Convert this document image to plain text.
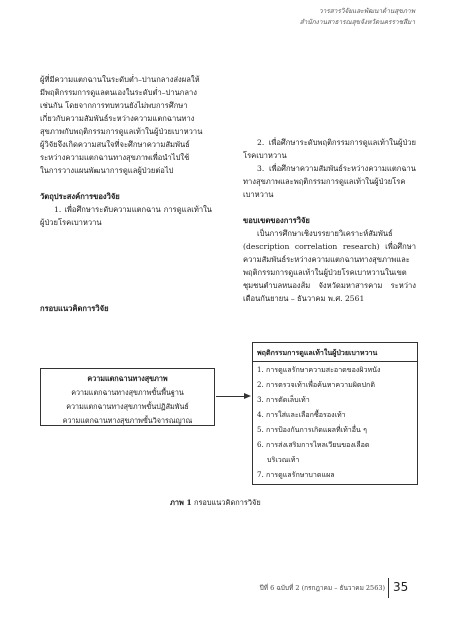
วารสารวิจัยและพัฒนาด้านสุขภาพ
สำนักงานสาธารณสุขจังหวัดนครราชสีมา

ผู้ที่มีความแตกฉานในระดับต่ำ–ปานกลางส่งผลให้

มีพฤติกรรมการดูแลตนเองในระดับต่ำ–ปานกลาง

เช่นกัน โดยจากการทบทวนยังไม่พบการศึกษา

เกี่ยวกับความสัมพันธ์ระหว่างความแตกฉานทาง

สุขภาพกับพฤติกรรมการดูแลเท้าในผู้ป่วยเบาหวาน

ผู้วิจัยจึงเกิดความสนใจที่จะศึกษาความสัมพันธ์

ระหว่างความแตกฉานทางสุขภาพเพื่อนำไปใช้

ในการวางแผนพัฒนาการดูแลผู้ป่วยต่อไป

วัตถุประสงค์การของวิจัย

1. เพื่อศึกษาระดับความแตกฉาน การดูแลเท้าในผู้ป่วยโรคเบาหวาน

2. เพื่อศึกษาระดับพฤติกรรมการดูแลเท้าในผู้ป่วยโรคเบาหวาน

3. เพื่อศึกษาความสัมพันธ์ระหว่างความแตกฉานทางสุขภาพและพฤติกรรมการดูแลเท้าในผู้ป่วยโรคเบาหวาน

ขอบเขตของการวิจัย

เป็นการศึกษาเชิงบรรยายวิเคราะห์สัมพันธ์ (description correlation research) เพื่อศึกษาความสัมพันธ์ระหว่างความแตกฉานทางสุขภาพและพฤติกรรมการดูแลเท้าในผู้ป่วยโรคเบาหวานในเขตชุมชนตำบลหนองส้ม จังหวัดมหาสารคาม ระหว่างเดือนกันยายน – ธันวาคม พ.ศ. 2561

กรอบแนวคิดการวิจัย
ความแตกฉานทางสุขภาพ
ความแตกฉานทางสุขภาพขั้นพื้นฐาน
ความแตกฉานทางสุขภาพขั้นปฏิสัมพันธ์
ความแตกฉานทางสุขภาพขั้นวิจารณญาณ
พฤติกรรมการดูแลเท้าในผู้ป่วยเบาหวาน
1. การดูแลรักษาความสะอาดของผิวหนัง
2. การตรวจเท้าเพื่อค้นหาความผิดปกติ
3. การตัดเล็บเท้า
4. การใส่และเลือกซื้อรองเท้า
5. การป้องกันการเกิดแผลที่เท้าอื่น ๆ
6. การส่งเสริมการไหลเวียนของเลือด
บริเวณเท้า
7. การดูแลรักษาบาดแผล
ภาพ 1 กรอบแนวคิดการวิจัย
ปีที่ 6 ฉบับที่ 2 (กรกฎาคม – ธันวาคม 2563) 35
